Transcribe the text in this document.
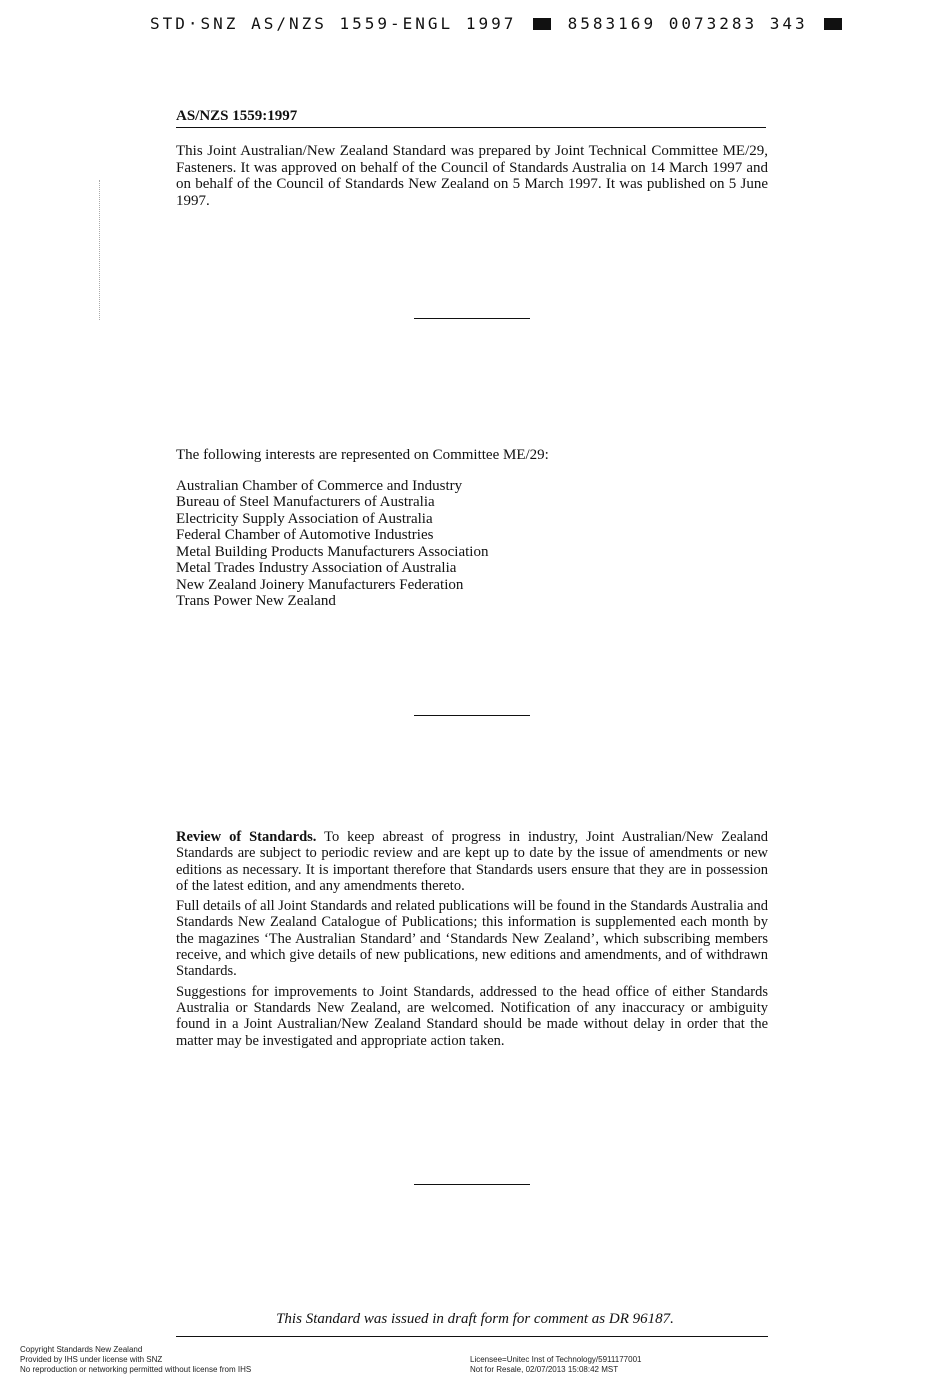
STD·SNZ AS/NZS 1559-ENGL 1997	8583169 0073283 343
AS/NZS 1559:1997

This Joint Australian/New Zealand Standard was prepared by Joint Technical Committee ME/29, Fasteners. It was approved on behalf of the Council of Standards Australia on 14 March 1997 and on behalf of the Council of Standards New Zealand on 5 March 1997. It was published on 5 June 1997.

The following interests are represented on Committee ME/29:

Australian Chamber of Commerce and Industry
Bureau of Steel Manufacturers of Australia
Electricity Supply Association of Australia
Federal Chamber of Automotive Industries
Metal Building Products Manufacturers Association
Metal Trades Industry Association of Australia
New Zealand Joinery Manufacturers Federation
Trans Power New Zealand

Review of Standards. To keep abreast of progress in industry, Joint Australian/New Zealand Standards are subject to periodic review and are kept up to date by the issue of amendments or new editions as necessary. It is important therefore that Standards users ensure that they are in possession of the latest edition, and any amendments thereto.

Full details of all Joint Standards and related publications will be found in the Standards Australia and Standards New Zealand Catalogue of Publications; this information is supplemented each month by the magazines ‘The Australian Standard’ and ‘Standards New Zealand’, which subscribing members receive, and which give details of new publications, new editions and amendments, and of withdrawn Standards.

Suggestions for improvements to Joint Standards, addressed to the head office of either Standards Australia or Standards New Zealand, are welcomed. Notification of any inaccuracy or ambiguity found in a Joint Australian/New Zealand Standard should be made without delay in order that the matter may be investigated and appropriate action taken.

This Standard was issued in draft form for comment as DR 96187.
Copyright Standards New Zealand
Provided by IHS under license with SNZ
No reproduction or networking permitted without license from IHS
Licensee=Unitec Inst of Technology/5911177001
Not for Resale, 02/07/2013 15:08:42 MST
